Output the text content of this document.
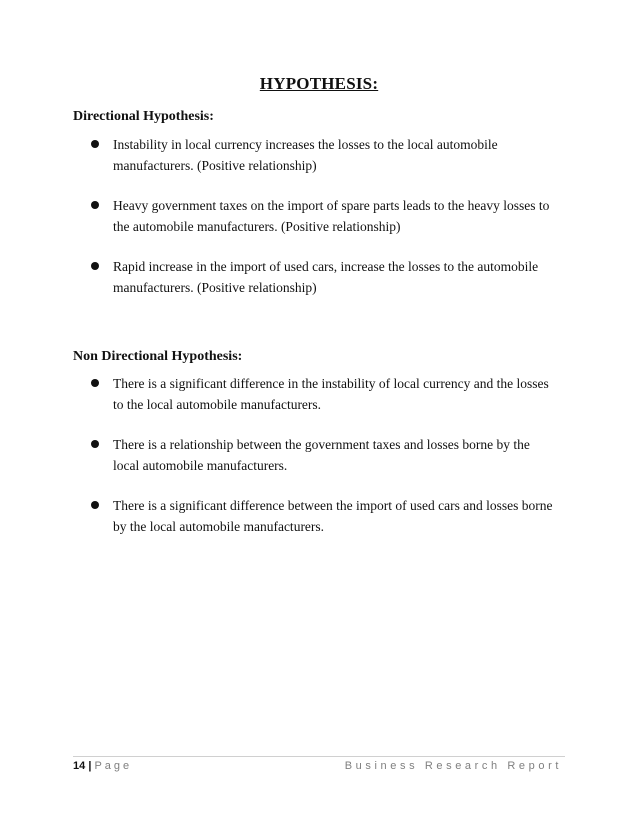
HYPOTHESIS:
Directional Hypothesis:
Instability in local currency increases the losses to the local automobile manufacturers. (Positive relationship)
Heavy government taxes on the import of spare parts leads to the heavy losses to the automobile manufacturers. (Positive relationship)
Rapid increase in the import of used cars, increase the losses to the automobile manufacturers. (Positive relationship)
Non Directional Hypothesis:
There is a significant difference in the instability of local currency and the losses to the local automobile manufacturers.
There is a relationship between the government taxes and losses borne by the local automobile manufacturers.
There is a significant difference between the import of used cars and losses borne by the local automobile manufacturers.
14 | Page	Business Research Report
